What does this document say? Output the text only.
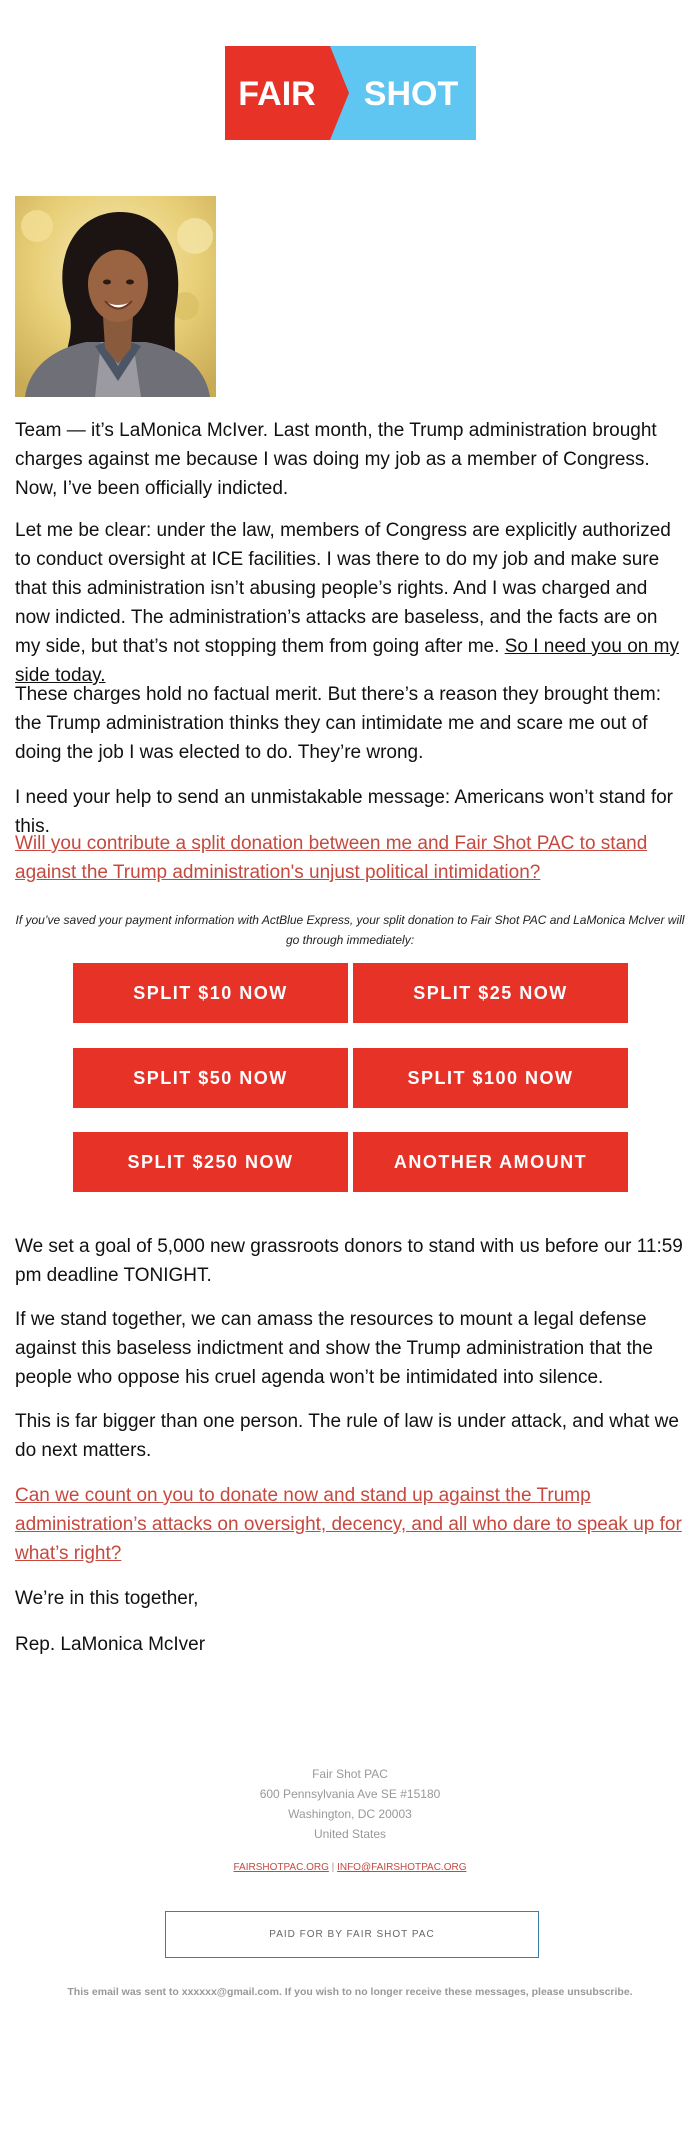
FAIR SHOT

Team — it’s LaMonica McIver. Last month, the Trump administration brought charges against me because I was doing my job as a member of Congress. Now, I’ve been officially indicted.

Let me be clear: under the law, members of Congress are explicitly authorized to conduct oversight at ICE facilities. I was there to do my job and make sure that this administration isn’t abusing people’s rights. And I was charged and now indicted. The administration’s attacks are baseless, and the facts are on my side, but that’s not stopping them from going after me. So I need you on my side today.

These charges hold no factual merit. But there’s a reason they brought them: the Trump administration thinks they can intimidate me and scare me out of doing the job I was elected to do. They’re wrong.

I need your help to send an unmistakable message: Americans won’t stand for this.

Will you contribute a split donation between me and Fair Shot PAC to stand against the Trump administration's unjust political intimidation?

If you’ve saved your payment information with ActBlue Express, your split donation to Fair Shot PAC and LaMonica McIver will go through immediately:

SPLIT $10 NOW	SPLIT $25 NOW
SPLIT $50 NOW	SPLIT $100 NOW
SPLIT $250 NOW	ANOTHER AMOUNT

We set a goal of 5,000 new grassroots donors to stand with us before our 11:59 pm deadline TONIGHT.

If we stand together, we can amass the resources to mount a legal defense against this baseless indictment and show the Trump administration that the people who oppose his cruel agenda won’t be intimidated into silence.

This is far bigger than one person. The rule of law is under attack, and what we do next matters.

Can we count on you to donate now and stand up against the Trump administration’s attacks on oversight, decency, and all who dare to speak up for what’s right?

We’re in this together,

Rep. LaMonica McIver

Fair Shot PAC
600 Pennsylvania Ave SE #15180
Washington, DC 20003
United States
FAIRSHOTPAC.ORG | INFO@FAIRSHOTPAC.ORG
PAID FOR BY FAIR SHOT PAC
This email was sent to xxxxxx@gmail.com. If you wish to no longer receive these messages, please unsubscribe.
